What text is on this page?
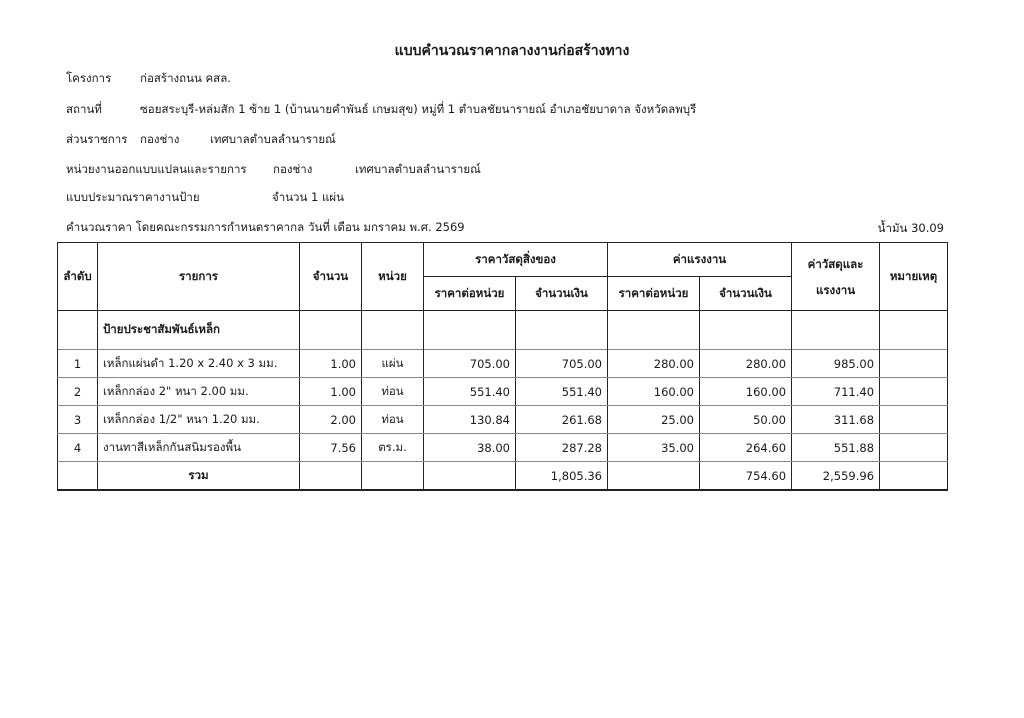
แบบคำนวณราคากลางงานก่อสร้างทาง
โครงการ ก่อสร้างถนน คสล.
สถานที่	ซอยสระบุรี-หล่มสัก 1 ซ้าย 1 (บ้านนายคำพันธ์ เกษมสุข) หมู่ที่ 1 ตำบลชัยนารายณ์ อำเภอชัยบาดาล จังหวัดลพบุรี
ส่วนราชการ กองช่าง	เทศบาลตำบลลำนารายณ์
หน่วยงานออกแบบแปลนและรายการ กองช่าง	เทศบาลตำบลลำนารายณ์
แบบประมาณราคางานป้าย	จำนวน 1 แผ่น
คำนวณราคา โดยคณะกรรมการกำหนดราคากล วันที่ เดือน มกราคม พ.ศ. 2569	น้ำมัน 30.09
ลำดับ	รายการ	จำนวน	หน่วย	ราคาวัสดุสิ่งของ		ค่าแรงงาน		ค่าวัสดุและแรงงาน	หมายเหตุ
				ราคาต่อหน่วย	จำนวนเงิน	ราคาต่อหน่วย	จำนวนเงิน		
	ป้ายประชาสัมพันธ์เหล็ก								
1	เหล็กแผ่นดำ 1.20 x 2.40 x 3 มม.	1.00	แผ่น	705.00	705.00	280.00	280.00	985.00	
2	เหล็กกล่อง 2" หนา 2.00 มม.	1.00	ท่อน	551.40	551.40	160.00	160.00	711.40	
3	เหล็กกล่อง 1/2" หนา 1.20 มม.	2.00	ท่อน	130.84	261.68	25.00	50.00	311.68	
4	งานทาสีเหล็กกันสนิมรองพื้น	7.56	ตร.ม.	38.00	287.28	35.00	264.60	551.88	
	รวม				1,805.36		754.60	2,559.96	
